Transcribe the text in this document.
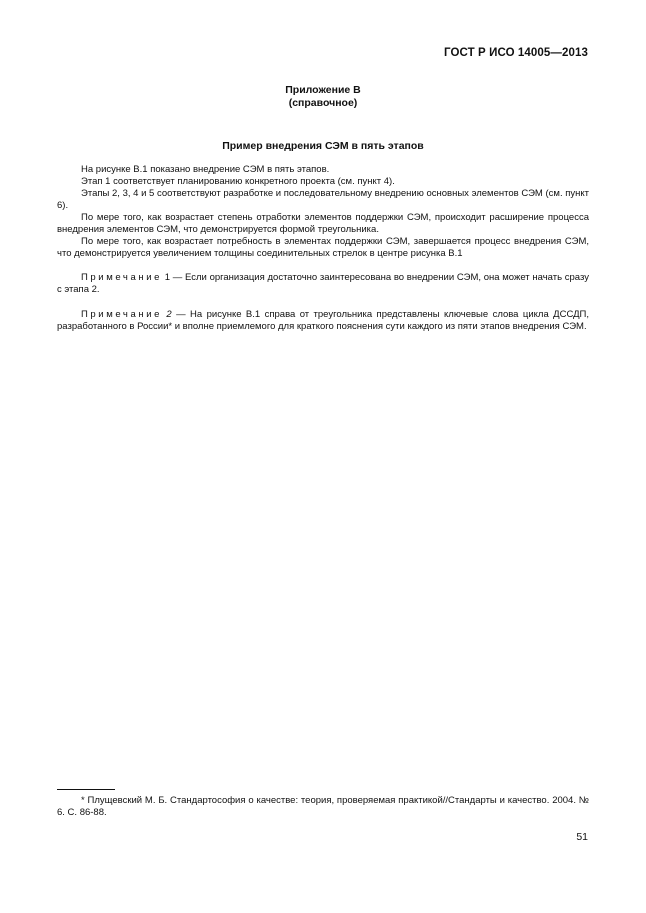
ГОСТ Р ИСО 14005—2013
Приложение В
(справочное)
Пример внедрения СЭМ в пять этапов

На рисунке В.1 показано внедрение СЭМ в пять этапов.

Этап 1 соответствует планированию конкретного проекта (см. пункт 4).

Этапы 2, 3, 4 и 5 соответствуют разработке и последовательному внедрению основных элементов СЭМ (см. пункт 6).

По мере того, как возрастает степень отработки элементов поддержки СЭМ, происходит расширение процесса внедрения элементов СЭМ, что демонстрируется формой треугольника.

По мере того, как возрастает потребность в элементах поддержки СЭМ, завершается процесс внедрения СЭМ, что демонстрируется увеличением толщины соединительных стрелок в центре рисунка В.1

Примечание 1 — Если организация достаточно заинтересована во внедрении СЭМ, она может начать сразу с этапа 2.

Примечание 2 — На рисунке В.1 справа от треугольника представлены ключевые слова цикла ДССДП, разработанного в России* и вполне приемлемого для краткого пояснения сути каждого из пяти этапов внедрения СЭМ.

* Плущевский М. Б. Стандартософия о качестве: теория, проверяемая практикой//Стандарты и качество. 2004. № 6. С. 86-88.
51
